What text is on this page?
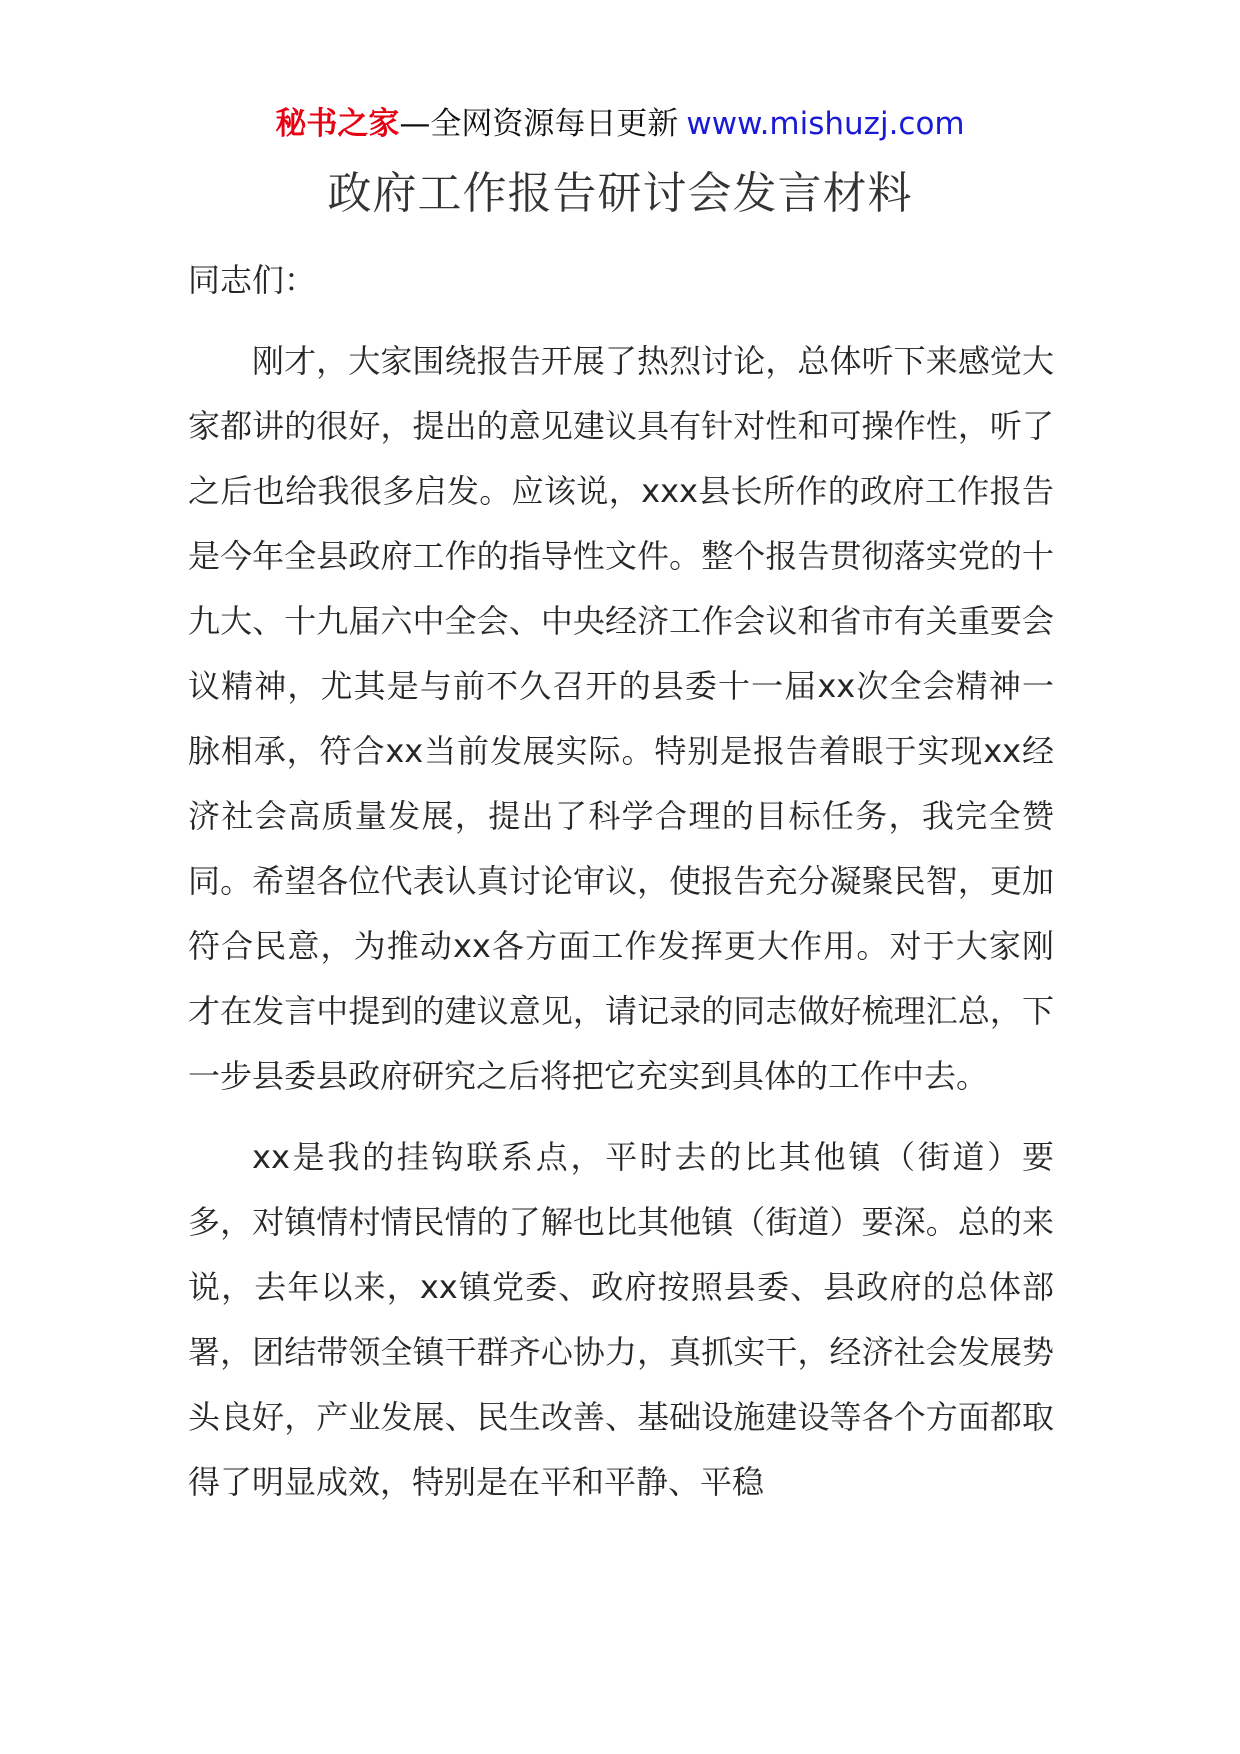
秘书之家—全网资源每日更新 www.mishuzj.com
政府工作报告研讨会发言材料

同志们：

刚才，大家围绕报告开展了热烈讨论，总体听下来感觉大家都讲的很好，提出的意见建议具有针对性和可操作性，听了之后也给我很多启发。应该说，xxx县长所作的政府工作报告是今年全县政府工作的指导性文件。整个报告贯彻落实党的十九大、十九届六中全会、中央经济工作会议和省市有关重要会议精神，尤其是与前不久召开的县委十一届xx次全会精神一脉相承，符合xx当前发展实际。特别是报告着眼于实现xx经济社会高质量发展，提出了科学合理的目标任务，我完全赞同。希望各位代表认真讨论审议，使报告充分凝聚民智，更加符合民意，为推动xx各方面工作发挥更大作用。对于大家刚才在发言中提到的建议意见，请记录的同志做好梳理汇总，下一步县委县政府研究之后将把它充实到具体的工作中去。

xx是我的挂钩联系点，平时去的比其他镇（街道）要多，对镇情村情民情的了解也比其他镇（街道）要深。总的来说，去年以来，xx镇党委、政府按照县委、县政府的总体部署，团结带领全镇干群齐心协力，真抓实干，经济社会发展势头良好，产业发展、民生改善、基础设施建设等各个方面都取得了明显成效，特别是在平和平静、平稳
